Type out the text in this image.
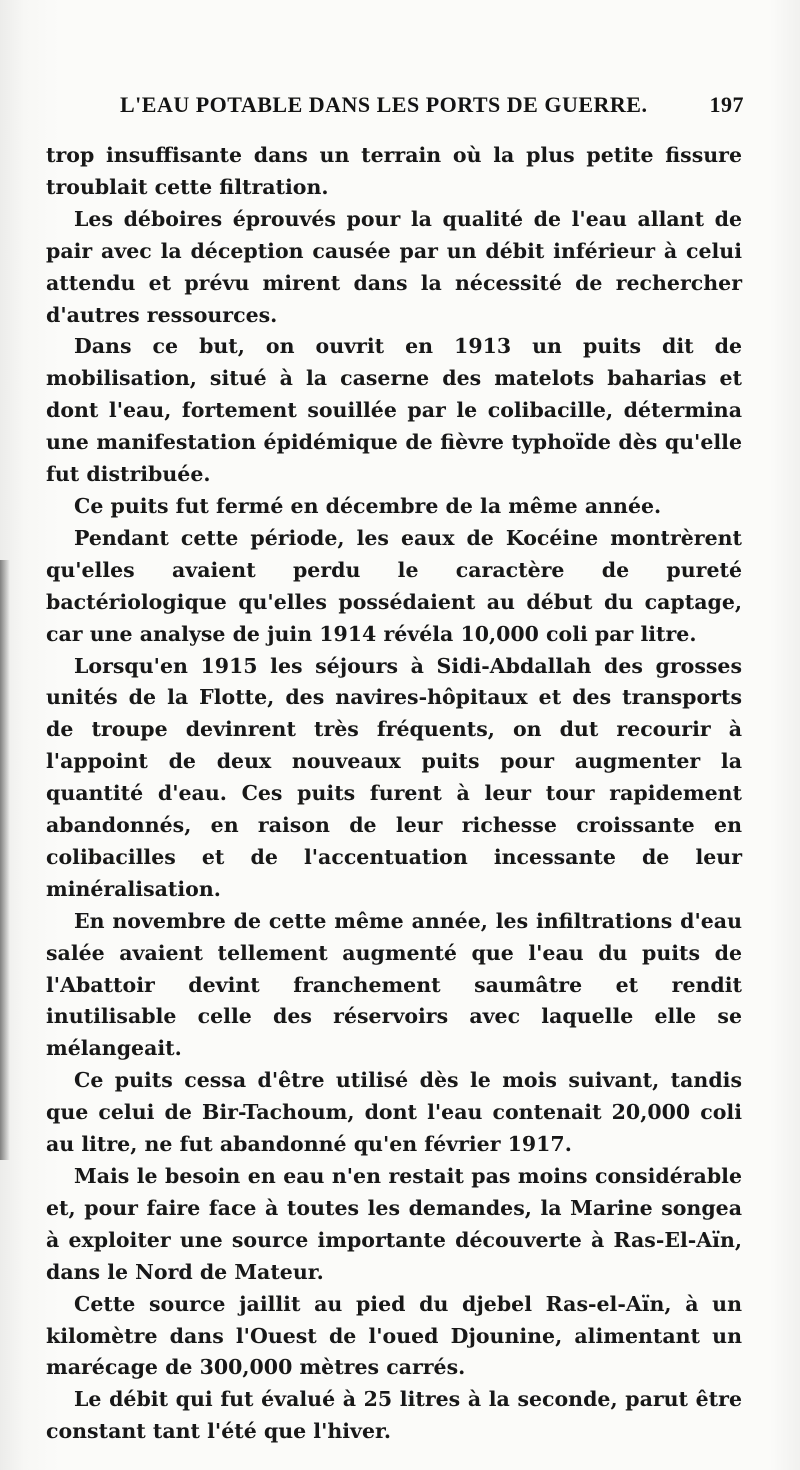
L'EAU POTABLE DANS LES PORTS DE GUERRE.	197

trop insuffisante dans un terrain où la plus petite fissure troublait cette filtration.

Les déboires éprouvés pour la qualité de l'eau allant de pair avec la déception causée par un débit inférieur à celui attendu et prévu mirent dans la nécessité de rechercher d'autres ressources.

Dans ce but, on ouvrit en 1913 un puits dit de mobilisation, situé à la caserne des matelots baharias et dont l'eau, fortement souillée par le colibacille, détermina une manifestation épidémique de fièvre typhoïde dès qu'elle fut distribuée.

Ce puits fut fermé en décembre de la même année.

Pendant cette période, les eaux de Kocéine montrèrent qu'elles avaient perdu le caractère de pureté bactériologique qu'elles possédaient au début du captage, car une analyse de juin 1914 révéla 10,000 coli par litre.

Lorsqu'en 1915 les séjours à Sidi-Abdallah des grosses unités de la Flotte, des navires-hôpitaux et des transports de troupe devinrent très fréquents, on dut recourir à l'appoint de deux nouveaux puits pour augmenter la quantité d'eau. Ces puits furent à leur tour rapidement abandonnés, en raison de leur richesse croissante en colibacilles et de l'accentuation incessante de leur minéralisation.

En novembre de cette même année, les infiltrations d'eau salée avaient tellement augmenté que l'eau du puits de l'Abattoir devint franchement saumâtre et rendit inutilisable celle des réservoirs avec laquelle elle se mélangeait.

Ce puits cessa d'être utilisé dès le mois suivant, tandis que celui de Bir-Tachoum, dont l'eau contenait 20,000 coli au litre, ne fut abandonné qu'en février 1917.

Mais le besoin en eau n'en restait pas moins considérable et, pour faire face à toutes les demandes, la Marine songea à exploiter une source importante découverte à Ras-El-Aïn, dans le Nord de Mateur.

Cette source jaillit au pied du djebel Ras-el-Aïn, à un kilomètre dans l'Ouest de l'oued Djounine, alimentant un marécage de 300,000 mètres carrés.

Le débit qui fut évalué à 25 litres à la seconde, parut être constant tant l'été que l'hiver.
